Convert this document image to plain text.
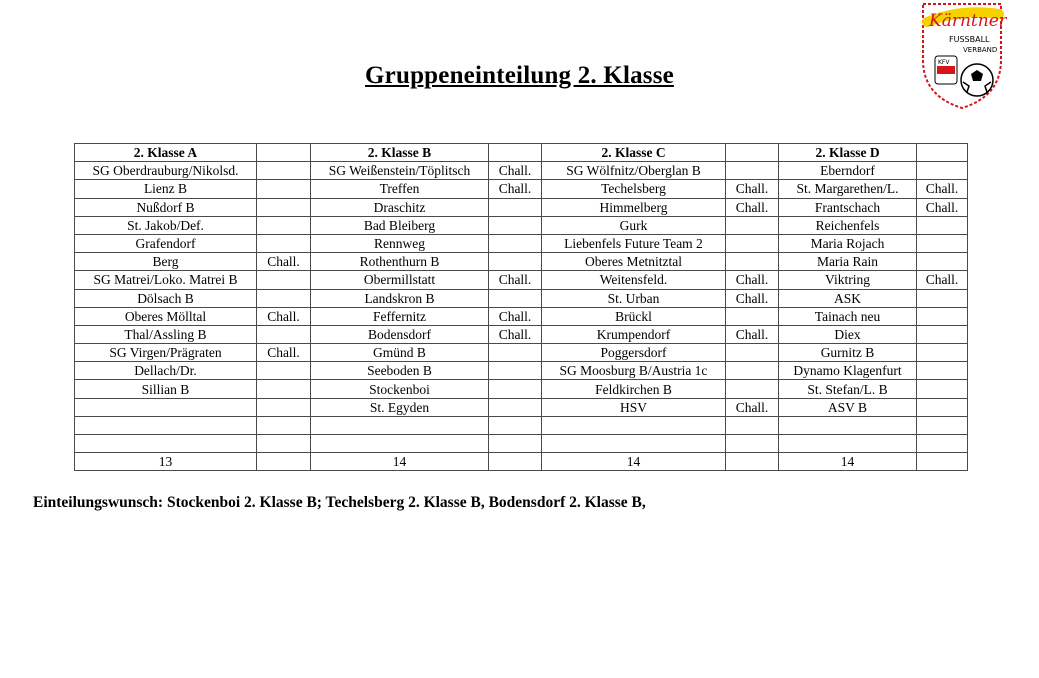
Gruppeneinteilung 2. Klasse
Kärntner
FUSSBALL
VERBAND
KFV
2. Klasse A		2. Klasse B		2. Klasse C		2. Klasse D	
SG Oberdrauburg/Nikolsd.		SG Weißenstein/Töplitsch	Chall.	SG Wölfnitz/Oberglan B		Eberndorf	
Lienz B		Treffen	Chall.	Techelsberg	Chall.	St. Margarethen/L.	Chall.
Nußdorf B		Draschitz		Himmelberg	Chall.	Frantschach	Chall.
St. Jakob/Def.		Bad Bleiberg		Gurk		Reichenfels	
Grafendorf		Rennweg		Liebenfels Future Team 2		Maria Rojach	
Berg	Chall.	Rothenthurn B		Oberes Metnitztal		Maria Rain	
SG Matrei/Loko. Matrei B		Obermillstatt	Chall.	Weitensfeld.	Chall.	Viktring	Chall.
Dölsach B		Landskron B		St. Urban	Chall.	ASK	
Oberes Mölltal	Chall.	Feffernitz	Chall.	Brückl		Tainach neu	
Thal/Assling B		Bodensdorf	Chall.	Krumpendorf	Chall.	Diex	
SG Virgen/Prägraten	Chall.	Gmünd B		Poggersdorf		Gurnitz B	
Dellach/Dr.		Seeboden B		SG Moosburg B/Austria 1c		Dynamo Klagenfurt	
Sillian B		Stockenboi		Feldkirchen B		St. Stefan/L. B	
		St. Egyden		HSV	Chall.	ASV B	

13		14		14		14	
Einteilungswunsch: Stockenboi 2. Klasse B; Techelsberg 2. Klasse B, Bodensdorf 2. Klasse B,
